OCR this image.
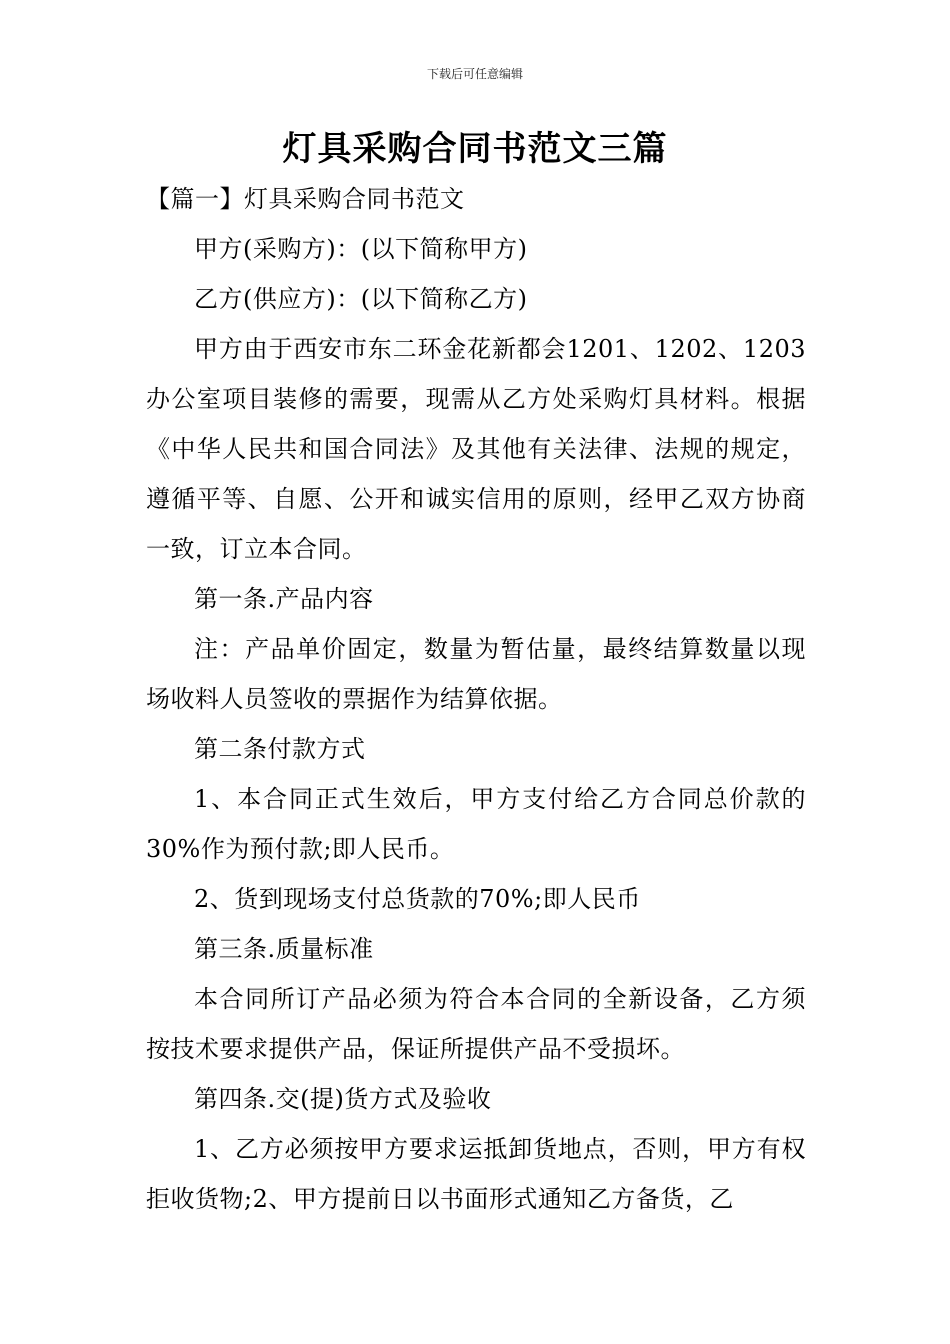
下载后可任意编辑
灯具采购合同书范文三篇

【篇一】灯具采购合同书范文

甲方(采购方)：(以下简称甲方)

乙方(供应方)：(以下简称乙方)

甲方由于西安市东二环金花新都会1201、1202、1203办公室项目装修的需要，现需从乙方处采购灯具材料。根据《中华人民共和国合同法》及其他有关法律、法规的规定，遵循平等、自愿、公开和诚实信用的原则，经甲乙双方协商一致，订立本合同。

第一条.产品内容

注：产品单价固定，数量为暂估量，最终结算数量以现场收料人员签收的票据作为结算依据。

第二条付款方式

1、本合同正式生效后，甲方支付给乙方合同总价款的30%作为预付款;即人民币。

2、货到现场支付总货款的70%;即人民币

第三条.质量标准

本合同所订产品必须为符合本合同的全新设备，乙方须按技术要求提供产品，保证所提供产品不受损坏。

第四条.交(提)货方式及验收

1、乙方必须按甲方要求运抵卸货地点，否则，甲方有权拒收货物;2、甲方提前日以书面形式通知乙方备货，乙
